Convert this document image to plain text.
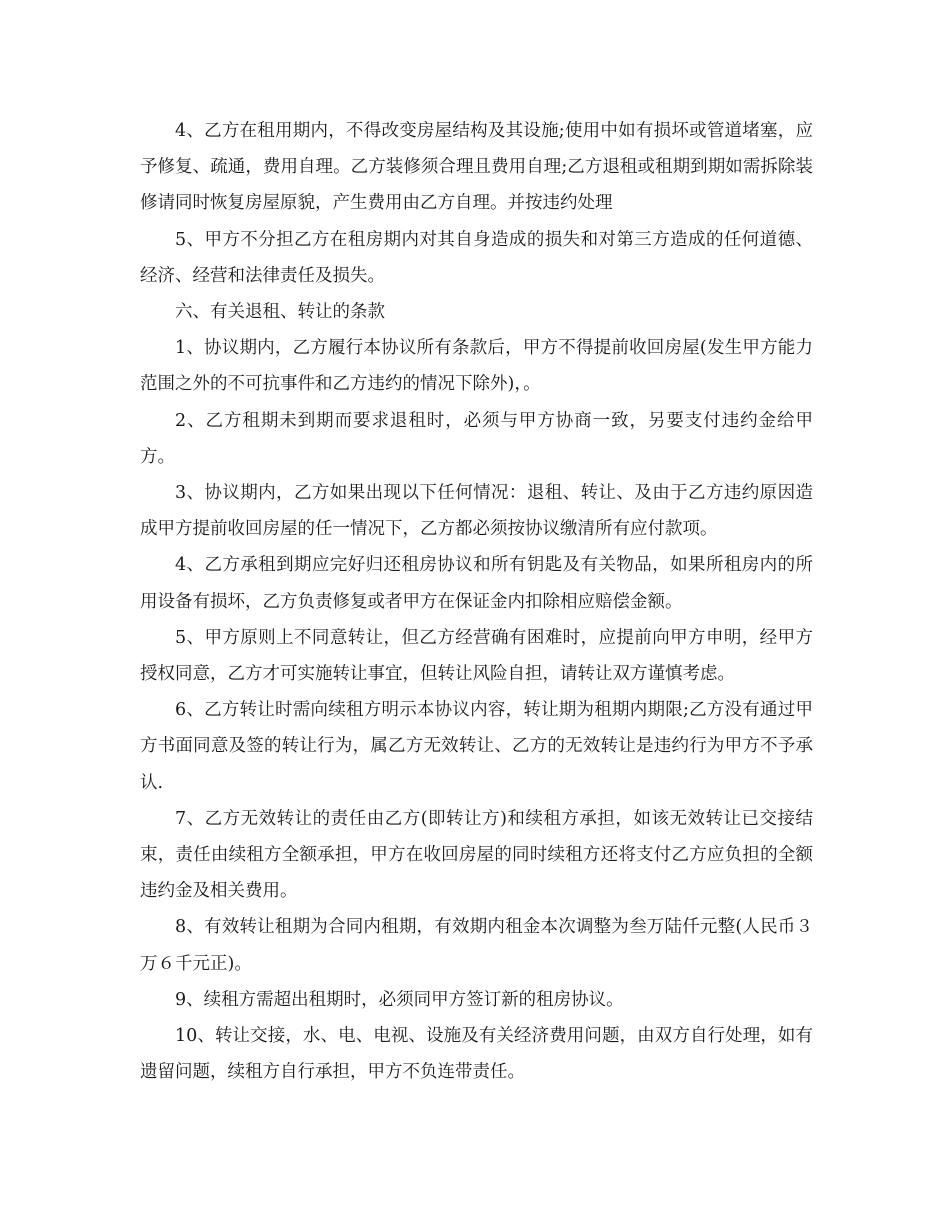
4、乙方在租用期内，不得改变房屋结构及其设施;使用中如有损坏或管道堵塞，应予修复、疏通，费用自理。乙方装修须合理且费用自理;乙方退租或租期到期如需拆除装修请同时恢复房屋原貌，产生费用由乙方自理。并按违约处理

5、甲方不分担乙方在租房期内对其自身造成的损失和对第三方造成的任何道德、经济、经营和法律责任及损失。

六、有关退租、转让的条款

1、协议期内，乙方履行本协议所有条款后，甲方不得提前收回房屋(发生甲方能力范围之外的不可抗事件和乙方违约的情况下除外)，。

2、乙方租期未到期而要求退租时，必须与甲方协商一致，另要支付违约金给甲方。

3、协议期内，乙方如果出现以下任何情况：退租、转让、及由于乙方违约原因造成甲方提前收回房屋的任一情况下，乙方都必须按协议缴清所有应付款项。

4、乙方承租到期应完好归还租房协议和所有钥匙及有关物品，如果所租房内的所用设备有损坏，乙方负责修复或者甲方在保证金内扣除相应赔偿金额。

5、甲方原则上不同意转让，但乙方经营确有困难时，应提前向甲方申明，经甲方授权同意，乙方才可实施转让事宜，但转让风险自担，请转让双方谨慎考虑。

6、乙方转让时需向续租方明示本协议内容，转让期为租期内期限;乙方没有通过甲方书面同意及签的转让行为，属乙方无效转让、乙方的无效转让是违约行为甲方不予承认.

7、乙方无效转让的责任由乙方(即转让方)和续租方承担，如该无效转让已交接结束，责任由续租方全额承担，甲方在收回房屋的同时续租方还将支付乙方应负担的全额违约金及相关费用。

8、有效转让租期为合同内租期，有效期内租金本次调整为叁万陆仟元整(人民币３万６千元正)。

9、续租方需超出租期时，必须同甲方签订新的租房协议。

10、转让交接，水、电、电视、设施及有关经济费用问题，由双方自行处理，如有遗留问题，续租方自行承担，甲方不负连带责任。
